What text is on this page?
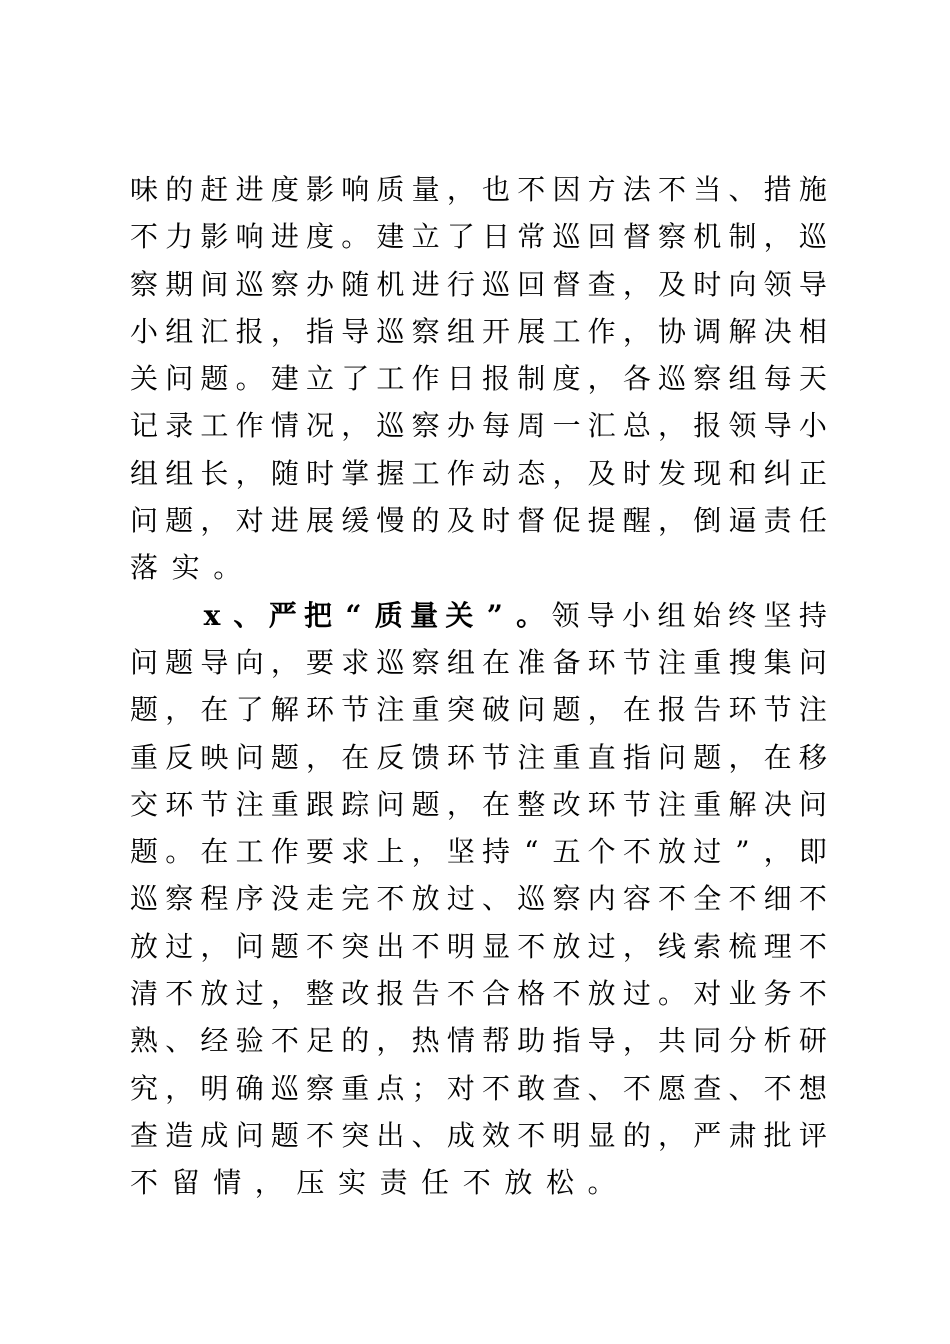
味 的 赶 进 度 影 响 质 量 ， 也 不 因 方 法 不 当 、 措 施
不 力 影 响 进 度 。 建 立 了 日 常 巡 回 督 察 机 制 ， 巡
察 期 间 巡 察 办 随 机 进 行 巡 回 督 查 ， 及 时 向 领 导
小 组 汇 报 ， 指 导 巡 察 组 开 展 工 作 ， 协 调 解 决 相
关 问 题 。 建 立 了 工 作 日 报 制 度 ， 各 巡 察 组 每 天
记 录 工 作 情 况 ， 巡 察 办 每 周 一 汇 总 ， 报 领 导 小
组 组 长 ， 随 时 掌 握 工 作 动 态 ， 及 时 发 现 和 纠 正
问 题 ， 对 进 展 缓 慢 的 及 时 督 促 提 醒 ， 倒 逼 责 任
落 实 。
x 、 严 把 “ 质 量 关 ” 。 领 导 小 组 始 终 坚 持
问 题 导 向 ， 要 求 巡 察 组 在 准 备 环 节 注 重 搜 集 问
题 ， 在 了 解 环 节 注 重 突 破 问 题 ， 在 报 告 环 节 注
重 反 映 问 题 ， 在 反 馈 环 节 注 重 直 指 问 题 ， 在 移
交 环 节 注 重 跟 踪 问 题 ， 在 整 改 环 节 注 重 解 决 问
题 。 在 工 作 要 求 上 ， 坚 持 “ 五 个 不 放 过 ” ， 即
巡 察 程 序 没 走 完 不 放 过 、 巡 察 内 容 不 全 不 细 不
放 过 ， 问 题 不 突 出 不 明 显 不 放 过 ， 线 索 梳 理 不
清 不 放 过 ， 整 改 报 告 不 合 格 不 放 过 。 对 业 务 不
熟 、 经 验 不 足 的 ， 热 情 帮 助 指 导 ， 共 同 分 析 研
究 ， 明 确 巡 察 重 点 ； 对 不 敢 查 、 不 愿 查 、 不 想
查 造 成 问 题 不 突 出 、 成 效 不 明 显 的 ， 严 肃 批 评
不 留 情 ， 压 实 责 任 不 放 松 。
